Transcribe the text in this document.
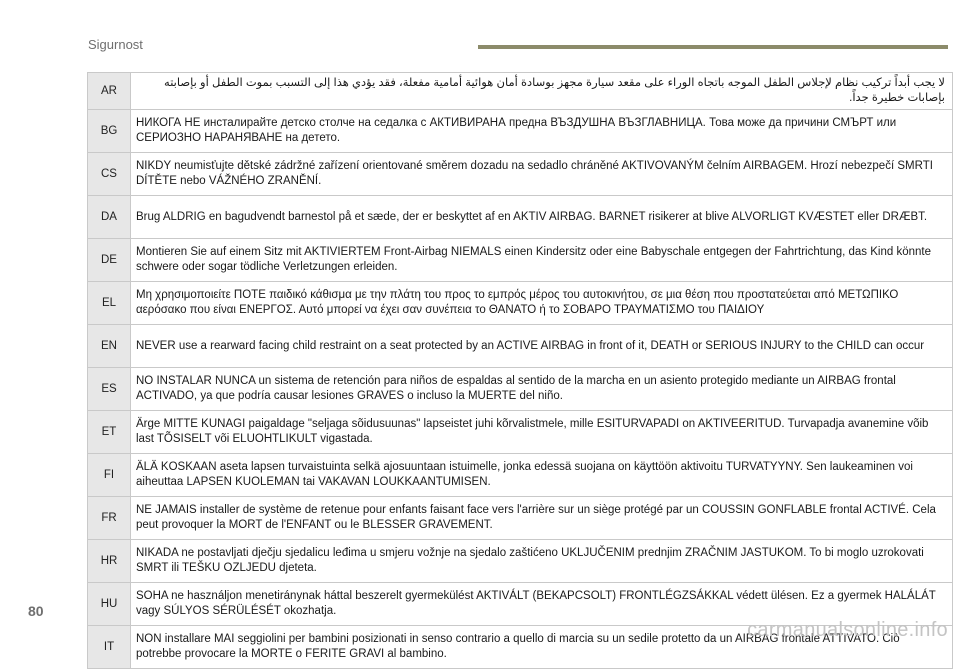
Sigurnost
AR	لا يجب أبداً تركيب نظام لإجلاس الطفل الموجه باتجاه الوراء على مقعد سيارة مجهز بوسادة أمان هوائية أمامية مفعلة، فقد يؤدي هذا إلى التسبب بموت الطفل أو بإصابته بإصابات خطيرة جداً.
BG	НИКОГА НЕ инсталирайте детско столче на седалка с АКТИВИРАНА предна ВЪЗДУШНА ВЪЗГЛАВНИЦА. Това може да причини СМЪРТ или СЕРИОЗНО НАРАНЯВАНЕ на детето.
CS	NIKDY neumisťujte dětské zádržné zařízení orientované směrem dozadu na sedadlo chráněné AKTIVOVANÝM čelním AIRBAGEM. Hrozí nebezpečí SMRTI DÍTĚTE nebo VÁŽNÉHO ZRANĚNÍ.
DA	Brug ALDRIG en bagudvendt barnestol på et sæde, der er beskyttet af en AKTIV AIRBAG. BARNET risikerer at blive ALVORLIGT KVÆSTET eller DRÆBT.
DE	Montieren Sie auf einem Sitz mit AKTIVIERTEM Front-Airbag NIEMALS einen Kindersitz oder eine Babyschale entgegen der Fahrtrichtung, das Kind könnte schwere oder sogar tödliche Verletzungen erleiden.
EL	Μη χρησιμοποιείτε ΠΟΤΕ παιδικό κάθισμα με την πλάτη του προς το εμπρός μέρος του αυτοκινήτου, σε μια θέση που προστατεύεται από ΜΕΤΩΠΙΚΟ αερόσακο που είναι ΕΝΕΡΓΟΣ. Αυτό μπορεί να έχει σαν συνέπεια το ΘΑΝΑΤΟ ή το ΣΟΒΑΡΟ ΤΡΑΥΜΑΤΙΣΜΟ του ΠΑΙΔΙΟΥ
EN	NEVER use a rearward facing child restraint on a seat protected by an ACTIVE AIRBAG in front of it, DEATH or SERIOUS INJURY to the CHILD can occur
ES	NO INSTALAR NUNCA un sistema de retención para niños de espaldas al sentido de la marcha en un asiento protegido mediante un AIRBAG frontal ACTIVADO, ya que podría causar lesiones GRAVES o incluso la MUERTE del niño.
ET	Ärge MITTE KUNAGI paigaldage "seljaga sõidusuunas" lapseistet juhi kõrvalistmele, mille ESITURVAPADI on AKTIVEERITUD. Turvapadja avanemine võib last TÕSISELT või ELUOHTLIKULT vigastada.
FI	ÄLÄ KOSKAAN aseta lapsen turvaistuinta selkä ajosuuntaan istuimelle, jonka edessä suojana on käyttöön aktivoitu TURVATYYNY. Sen laukeaminen voi aiheuttaa LAPSEN KUOLEMAN tai VAKAVAN LOUKKAANTUMISEN.
FR	NE JAMAIS installer de système de retenue pour enfants faisant face vers l'arrière sur un siège protégé par un COUSSIN GONFLABLE frontal ACTIVÉ. Cela peut provoquer la MORT de l'ENFANT ou le BLESSER GRAVEMENT.
HR	NIKADA ne postavljati dječju sjedalicu leđima u smjeru vožnje na sjedalo zaštićeno UKLJUČENIM prednjim ZRAČNIM JASTUKOM. To bi moglo uzrokovati SMRT ili TEŠKU OZLJEDU djeteta.
HU	SOHA ne használjon menetiránynak háttal beszerelt gyermekülést AKTIVÁLT (BEKAPCSOLT) FRONTLÉGZSÁKKAL védett ülésen. Ez a gyermek HALÁLÁT vagy SÚLYOS SÉRÜLÉSÉT okozhatja.
IT	NON installare MAI seggiolini per bambini posizionati in senso contrario a quello di marcia su un sedile protetto da un AIRBAG frontale ATTIVATO. Ciò potrebbe provocare la MORTE o FERITE GRAVI al bambino.
80
carmanualsonline.info
